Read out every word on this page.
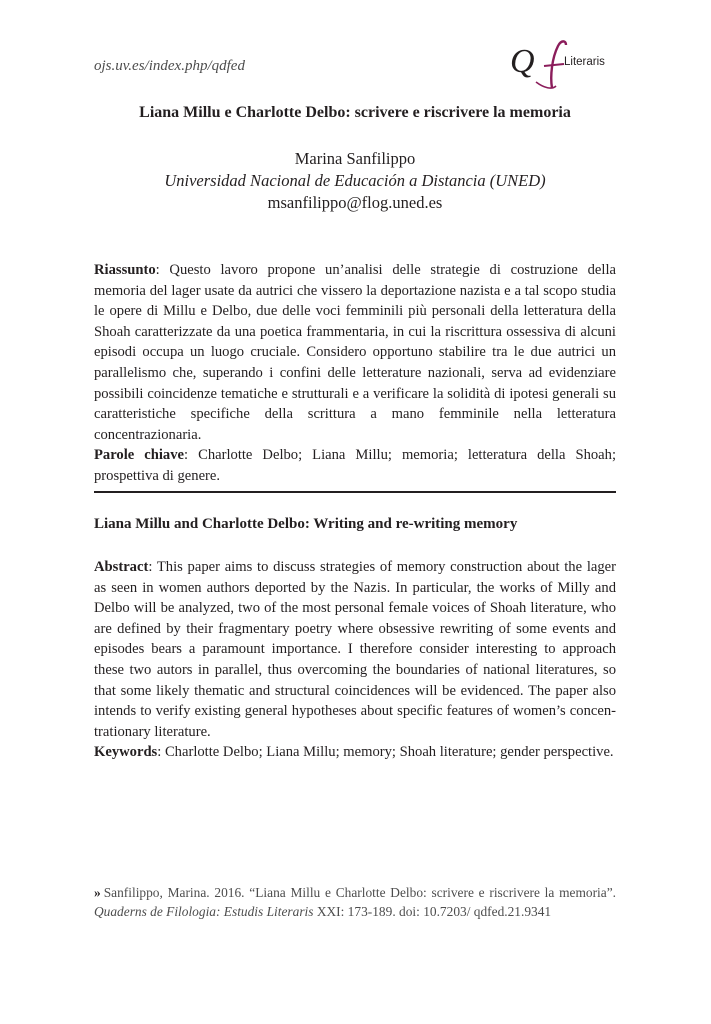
ojs.uv.es/index.php/qdfed	Q	Literaris
Liana Millu e Charlotte Delbo: scrivere e riscrivere la memoria
Marina Sanfilippo
Universidad Nacional de Educación a Distancia (UNED)
msanfilippo@flog.uned.es
Riassunto: Questo lavoro propone un’analisi delle strategie di costruzione della memoria del lager usate da autrici che vissero la deportazione nazista e a tal scopo studia le opere di Millu e Delbo, due delle voci femminili più personali della letteratura della Shoah caratterizzate da una poetica frammentaria, in cui la riscrittura ossessiva di alcuni episodi occupa un luogo cruciale. Considero opportuno stabilire tra le due autrici un parallelismo che, superando i confini delle letterature nazionali, serva ad evidenziare possibili coincidenze tematiche e strutturali e a verificare la solidità di ipotesi generali su caratteristiche specifiche della scrittura a mano femminile nella letteratura concentrazionaria.
Parole chiave: Charlotte Delbo; Liana Millu; memoria; letteratura della Shoah; prospettiva di genere.
Liana Millu and Charlotte Delbo: Writing and re-writing memory
Abstract: This paper aims to discuss strategies of memory construction about the lager as seen in women authors deported by the Nazis. In particular, the works of Milly and Delbo will be analyzed, two of the most personal female voices of Shoah literature, who are defined by their fragmentary poetry where obsessive rewriting of some events and episodes bears a paramount importance. I therefore consider interesting to approach these two autors in parallel, thus overcoming the boundaries of national literatures, so that some likely thematic and structural coincidences will be evidenced. The paper also intends to verify existing general hypotheses about specific features of women’s concentrationary literature.
Keywords: Charlotte Delbo; Liana Millu; memory; Shoah literature; gender perspective.
» Sanfilippo, Marina. 2016. “Liana Millu e Charlotte Delbo: scrivere e riscrivere la memoria”. Quaderns de Filologia: Estudis Literaris XXI: 173-189. doi: 10.7203/ qdfed.21.9341
